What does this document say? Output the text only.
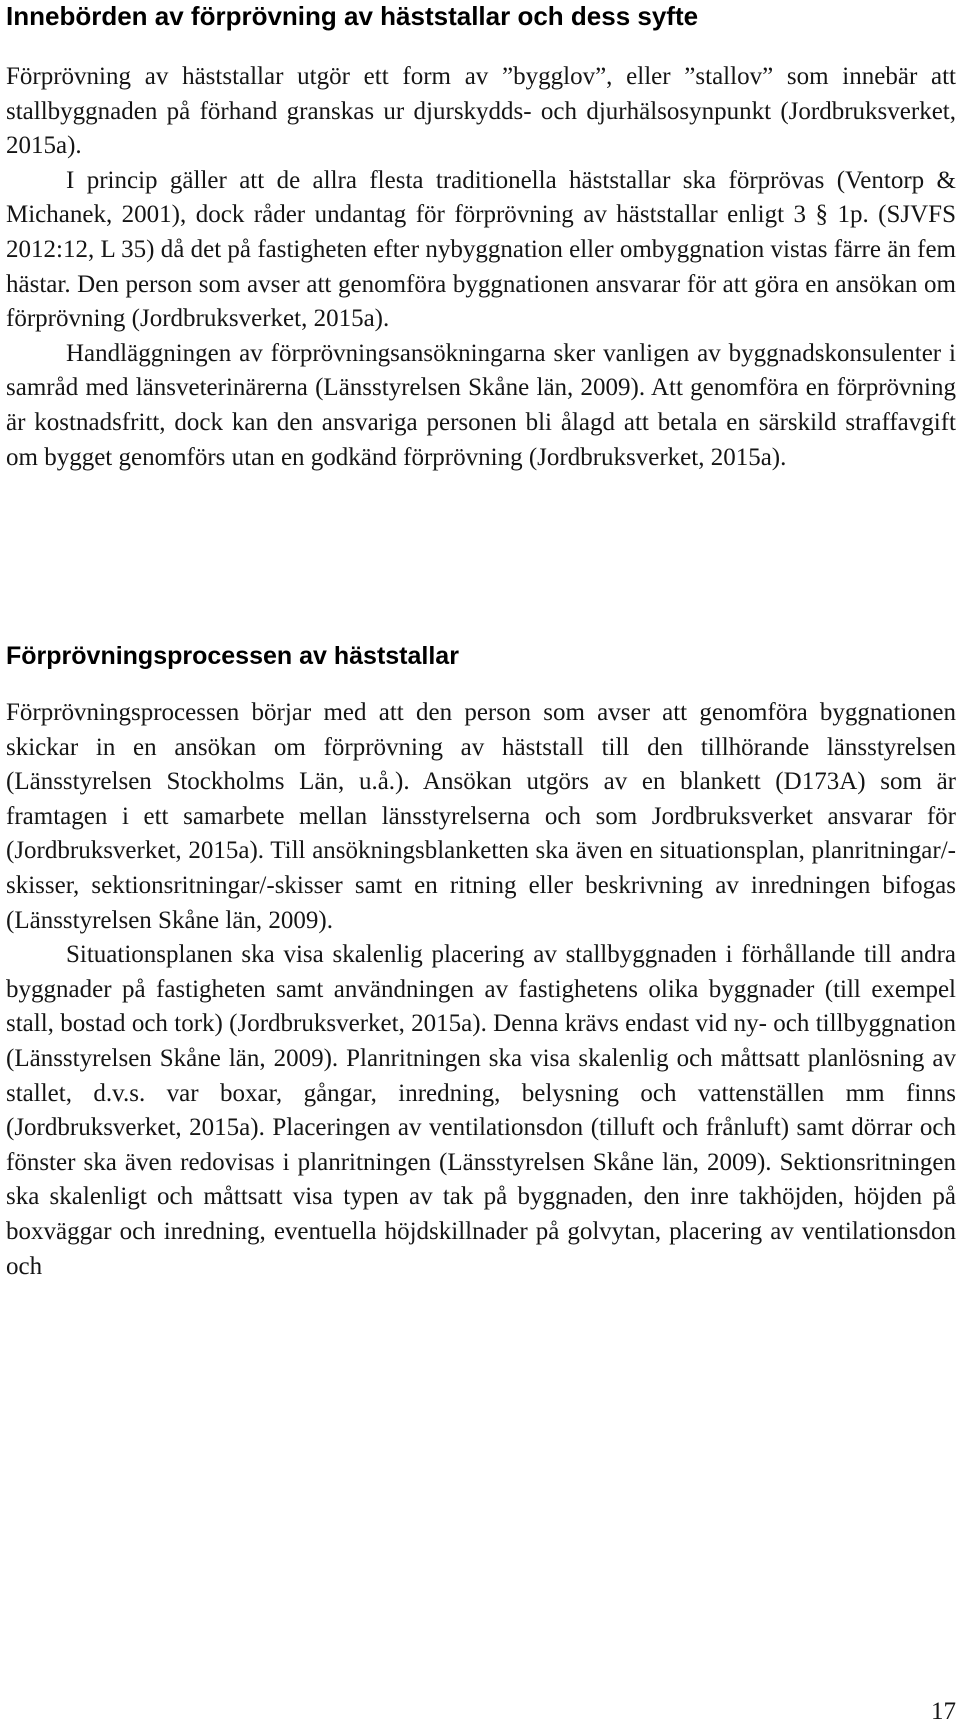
Innebörden av förprövning av häststallar och dess syfte

Förprövning av häststallar utgör ett form av ”bygglov”, eller ”stallov” som innebär att stallbyggnaden på förhand granskas ur djurskydds- och djurhälsosynpunkt (Jordbruksverket, 2015a).

I princip gäller att de allra flesta traditionella häststallar ska förprövas (Ventorp & Michanek, 2001), dock råder undantag för förprövning av häststallar enligt 3 § 1p. (SJVFS 2012:12, L 35) då det på fastigheten efter nybyggnation eller ombyggnation vistas färre än fem hästar. Den person som avser att genomföra byggnationen ansvarar för att göra en ansökan om förprövning (Jordbruksverket, 2015a).

Handläggningen av förprövningsansökningarna sker vanligen av byggnadskonsulenter i samråd med länsveterinärerna (Länsstyrelsen Skåne län, 2009). Att genomföra en förprövning är kostnadsfritt, dock kan den ansvariga personen bli ålagd att betala en särskild straffavgift om bygget genomförs utan en godkänd förprövning (Jordbruksverket, 2015a).

Förprövningsprocessen av häststallar

Förprövningsprocessen börjar med att den person som avser att genomföra byggnationen skickar in en ansökan om förprövning av häststall till den tillhörande länsstyrelsen (Länsstyrelsen Stockholms Län, u.å.). Ansökan utgörs av en blankett (D173A) som är framtagen i ett samarbete mellan länsstyrelserna och som Jordbruksverket ansvarar för (Jordbruksverket, 2015a). Till ansökningsblanketten ska även en situationsplan, planritningar/-skisser, sektionsritningar/-skisser samt en ritning eller beskrivning av inredningen bifogas (Länsstyrelsen Skåne län, 2009).

Situationsplanen ska visa skalenlig placering av stallbyggnaden i förhållande till andra byggnader på fastigheten samt användningen av fastighetens olika byggnader (till exempel stall, bostad och tork) (Jordbruksverket, 2015a). Denna krävs endast vid ny- och tillbyggnation (Länsstyrelsen Skåne län, 2009). Planritningen ska visa skalenlig och måttsatt planlösning av stallet, d.v.s. var boxar, gångar, inredning, belysning och vattenställen mm finns (Jordbruksverket, 2015a). Placeringen av ventilationsdon (tilluft och frånluft) samt dörrar och fönster ska även redovisas i planritningen (Länsstyrelsen Skåne län, 2009). Sektionsritningen ska skalenligt och måttsatt visa typen av tak på byggnaden, den inre takhöjden, höjden på boxväggar och inredning, eventuella höjdskillnader på golvytan, placering av ventilationsdon och

17
